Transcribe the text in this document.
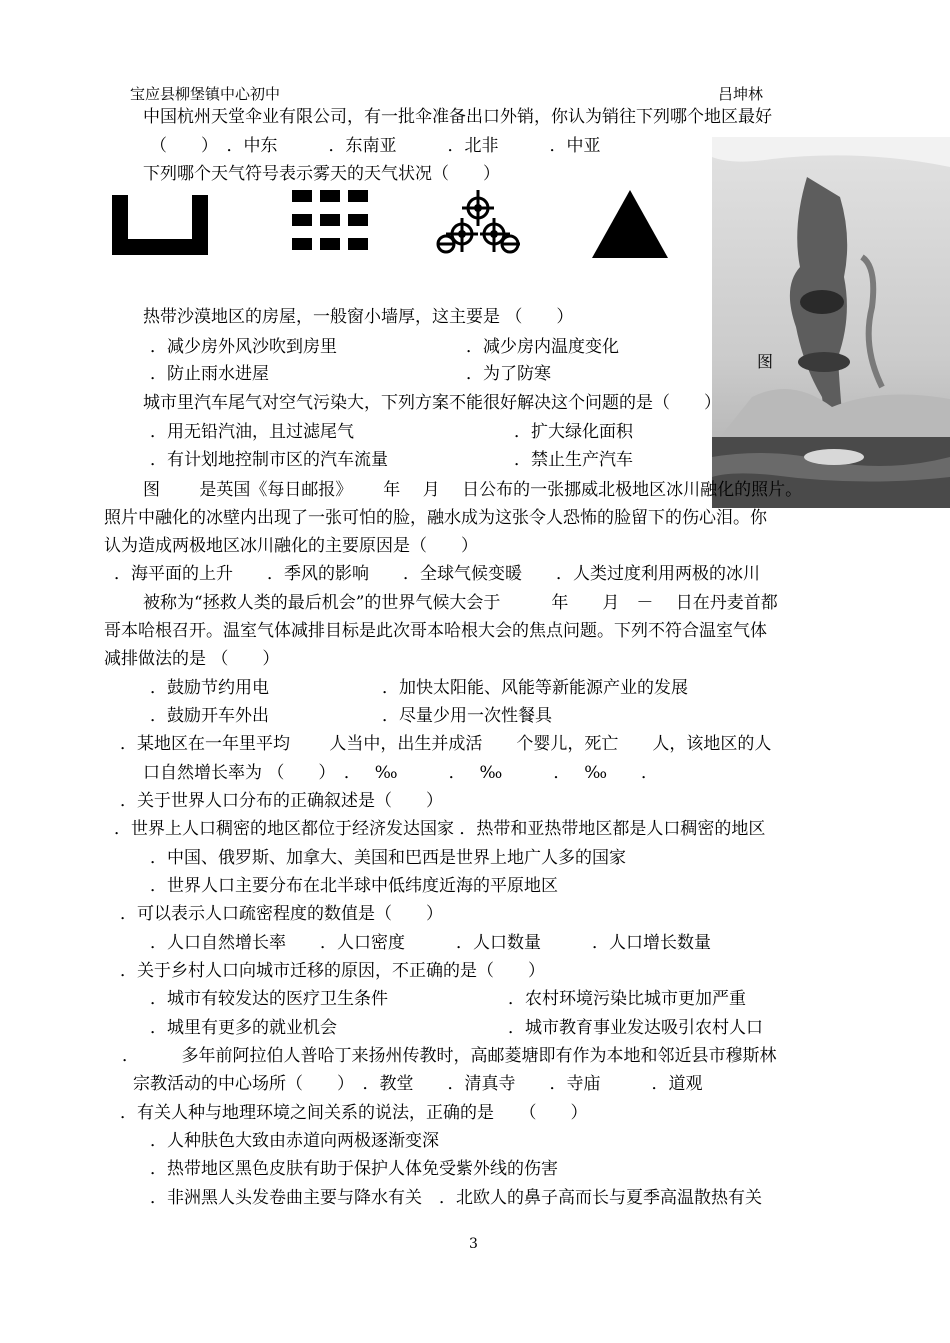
宝应县柳堡镇中心初中	吕坤林
中国杭州天堂伞业有限公司，有一批伞准备出口外销，你认为销往下列哪个地区最好
（　　）　．中东　　　．东南亚　　　．北非　　　．中亚
下列哪个天气符号表示雾天的天气状况（　　）
图
热带沙漠地区的房屋，一般窗小墙厚，这主要是 （　　）
．减少房外风沙吹到房里	．减少房内温度变化
．防止雨水进屋	．为了防寒
城市里汽车尾气对空气污染大，下列方案不能很好解决这个问题的是（　　）
．用无铅汽油，且过滤尾气	．扩大绿化面积
．有计划地控制市区的汽车流量	．禁止生产汽车
图　　 是英国《每日邮报》　　 年　 月　 日公布的一张挪威北极地区冰川融化的照片。
照片中融化的冰壁内出现了一张可怕的脸，融水成为这张令人恐怖的脸留下的伤心泪。你
认为造成两极地区冰川融化的主要原因是（　　）
．海平面的上升　　．季风的影响　　．全球气候变暖　　．人类过度利用两极的冰川
被称为“拯救人类的最后机会”的世界气候大会于　　　年　　月　－　 日在丹麦首都
哥本哈根召开。温室气体减排目标是此次哥本哈根大会的焦点问题。下列不符合温室气体
减排做法的是 （　　）
．鼓励节约用电	．加快太阳能、风能等新能源产业的发展
．鼓励开车外出	．尽量少用一次性餐具
．某地区在一年里平均　　 人当中，出生并成活　　个婴儿，死亡　　人，该地区的人
口自然增长率为 （　　）　．　 ‰　　　．　 ‰　　　．　 ‰　　．
．关于世界人口分布的正确叙述是（　　）
．世界上人口稠密的地区都位于经济发达国家 ．热带和亚热带地区都是人口稠密的地区
．中国、俄罗斯、加拿大、美国和巴西是世界上地广人多的国家
．世界人口主要分布在北半球中低纬度近海的平原地区
．可以表示人口疏密程度的数值是（　　）
．人口自然增长率　　．人口密度　　　．人口数量　　　．人口增长数量
．关于乡村人口向城市迁移的原因，不正确的是（　　）
．城市有较发达的医疗卫生条件	．农村环境污染比城市更加严重
．城里有更多的就业机会	．城市教育事业发达吸引农村人口
．　　　多年前阿拉伯人普哈丁来扬州传教时，高邮菱塘即有作为本地和邻近县市穆斯林
宗教活动的中心场所（　　）　．教堂　　．清真寺　　．寺庙　　　．道观
．有关人种与地理环境之间关系的说法，正确的是　　（　　）
．人种肤色大致由赤道向两极逐渐变深
．热带地区黑色皮肤有助于保护人体免受紫外线的伤害
．非洲黑人头发卷曲主要与降水有关　．北欧人的鼻子高而长与夏季高温散热有关
3
